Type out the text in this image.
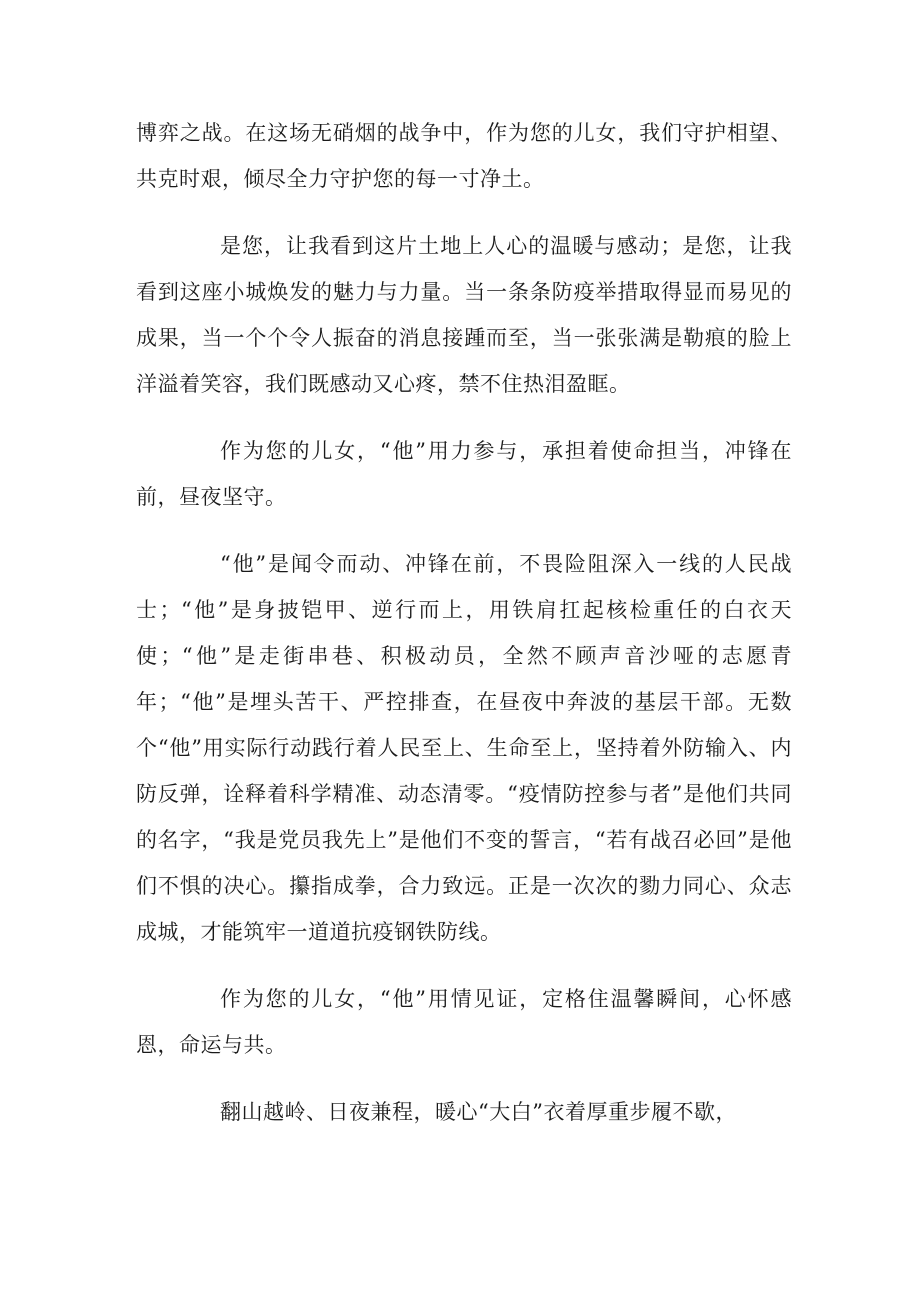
博弈之战。在这场无硝烟的战争中，作为您的儿女，我们守护相望、共克时艰，倾尽全力守护您的每一寸净土。

是您，让我看到这片土地上人心的温暖与感动；是您，让我看到这座小城焕发的魅力与力量。当一条条防疫举措取得显而易见的成果，当一个个令人振奋的消息接踵而至，当一张张满是勒痕的脸上洋溢着笑容，我们既感动又心疼，禁不住热泪盈眶。

作为您的儿女，“他”用力参与，承担着使命担当，冲锋在前，昼夜坚守。

“他”是闻令而动、冲锋在前，不畏险阻深入一线的人民战士；“他”是身披铠甲、逆行而上，用铁肩扛起核检重任的白衣天使；“他”是走街串巷、积极动员，全然不顾声音沙哑的志愿青年；“他”是埋头苦干、严控排查，在昼夜中奔波的基层干部。无数个“他”用实际行动践行着人民至上、生命至上，坚持着外防输入、内防反弹，诠释着科学精准、动态清零。“疫情防控参与者”是他们共同的名字，“我是党员我先上”是他们不变的誓言，“若有战召必回”是他们不惧的决心。攥指成拳，合力致远。正是一次次的勠力同心、众志成城，才能筑牢一道道抗疫钢铁防线。

作为您的儿女，“他”用情见证，定格住温馨瞬间，心怀感恩，命运与共。

翻山越岭、日夜兼程，暖心“大白”衣着厚重步履不歇，
